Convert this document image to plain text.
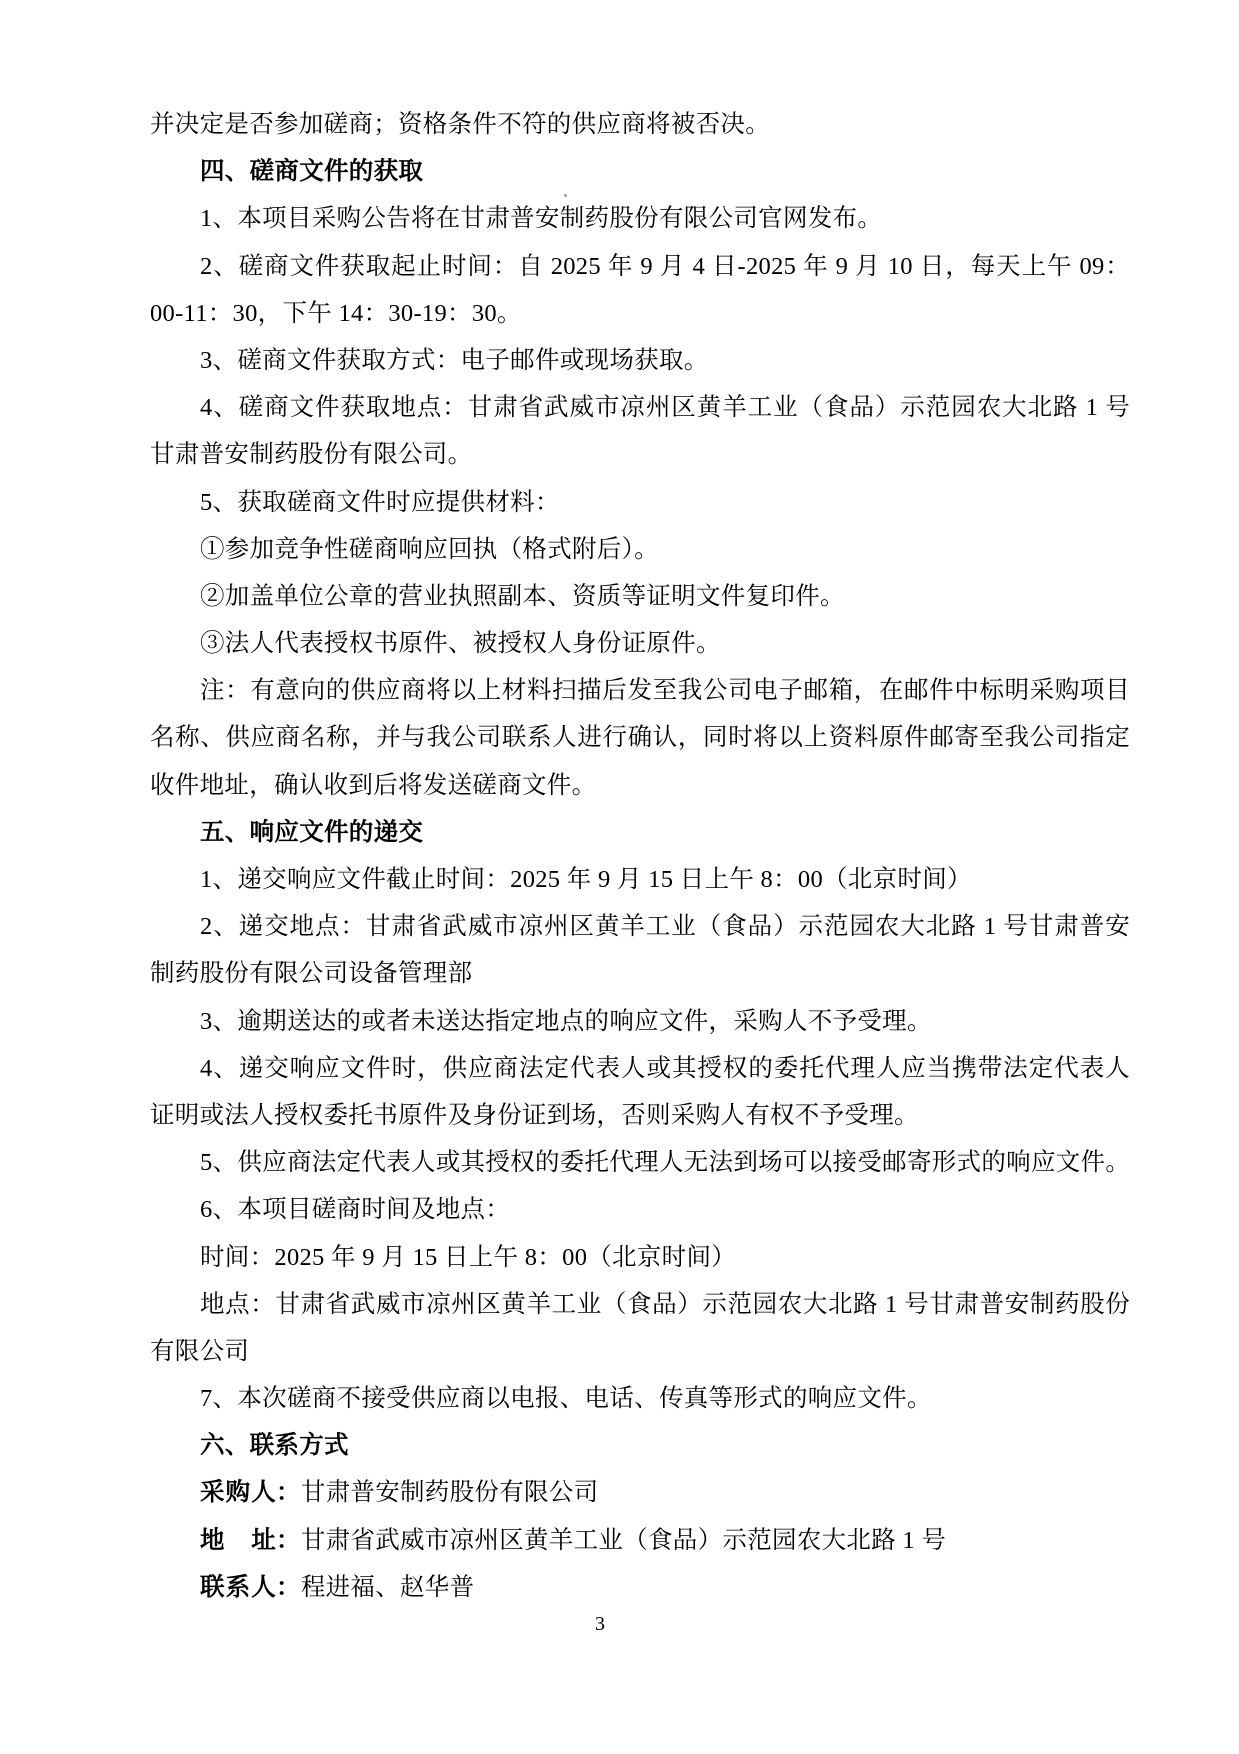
并决定是否参加磋商；资格条件不符的供应商将被否决。
四、磋商文件的获取
1、本项目采购公告将在甘肃普安制药股份有限公司官网发布。
2、磋商文件获取起止时间：自 2025 年 9 月 4 日-2025 年 9 月 10 日，每天上午 09：
00-11：30，下午 14：30-19：30。
3、磋商文件获取方式：电子邮件或现场获取。
4、磋商文件获取地点：甘肃省武威市凉州区黄羊工业（食品）示范园农大北路 1 号
甘肃普安制药股份有限公司。
5、获取磋商文件时应提供材料：
①参加竞争性磋商响应回执（格式附后）。
②加盖单位公章的营业执照副本、资质等证明文件复印件。
③法人代表授权书原件、被授权人身份证原件。
注：有意向的供应商将以上材料扫描后发至我公司电子邮箱，在邮件中标明采购项目
名称、供应商名称，并与我公司联系人进行确认，同时将以上资料原件邮寄至我公司指定
收件地址，确认收到后将发送磋商文件。
五、响应文件的递交
1、递交响应文件截止时间：2025 年 9 月 15 日上午 8：00（北京时间）
2、递交地点：甘肃省武威市凉州区黄羊工业（食品）示范园农大北路 1 号甘肃普安
制药股份有限公司设备管理部
3、逾期送达的或者未送达指定地点的响应文件，采购人不予受理。
4、递交响应文件时，供应商法定代表人或其授权的委托代理人应当携带法定代表人
证明或法人授权委托书原件及身份证到场，否则采购人有权不予受理。
5、供应商法定代表人或其授权的委托代理人无法到场可以接受邮寄形式的响应文件。
6、本项目磋商时间及地点：
时间：2025 年 9 月 15 日上午 8：00（北京时间）
地点：甘肃省武威市凉州区黄羊工业（食品）示范园农大北路 1 号甘肃普安制药股份
有限公司
7、本次磋商不接受供应商以电报、电话、传真等形式的响应文件。
六、联系方式
采购人：甘肃普安制药股份有限公司
地址：甘肃省武威市凉州区黄羊工业（食品）示范园农大北路 1 号
联系人：程进福、赵华普
3
